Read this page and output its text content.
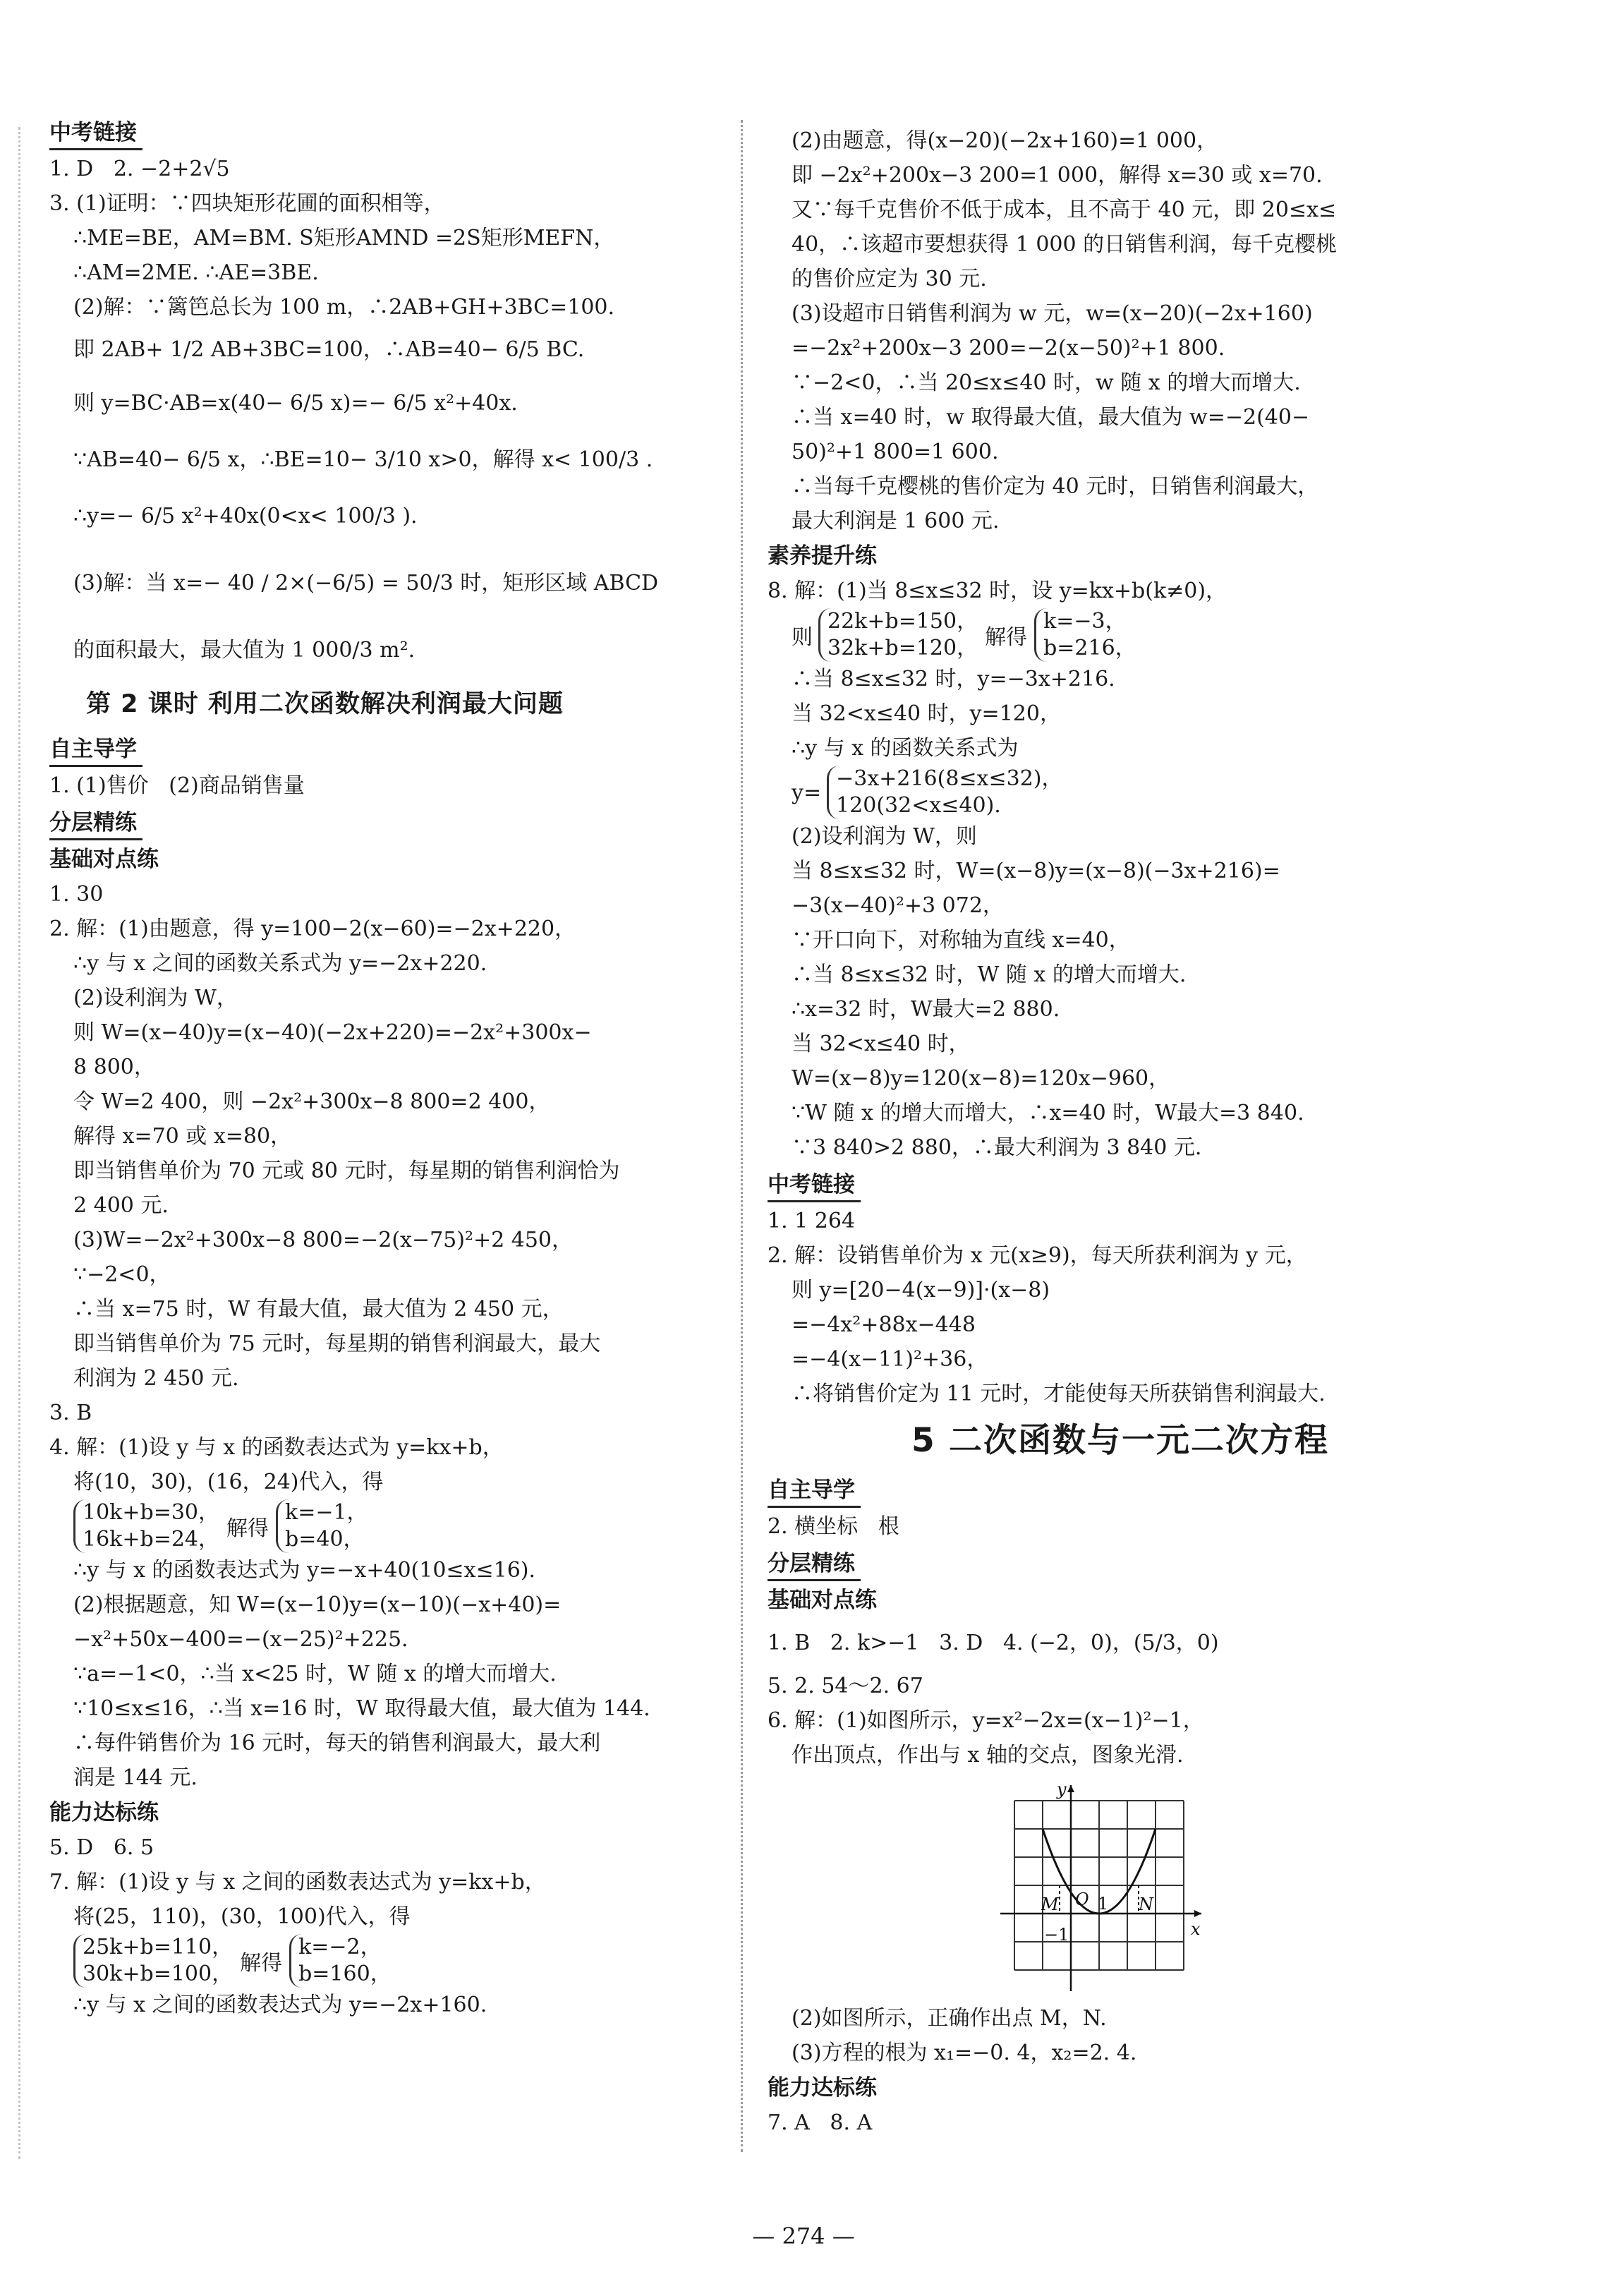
中考链接
1. D   2. −2+2√5
3. (1)证明：∵四块矩形花圃的面积相等，
∴ME=BE，AM=BM. S矩形AMND =2S矩形MEFN，
∴AM=2ME. ∴AE=3BE.
(2)解：∵篱笆总长为 100 m，∴2AB+GH+3BC=100.
即 2AB+ 1/2 AB+3BC=100，∴AB=40− 6/5 BC.
则 y=BC·AB=x(40− 6/5 x)=− 6/5 x²+40x.
∵AB=40− 6/5 x，∴BE=10− 3/10 x>0，解得 x< 100/3 .
∴y=− 6/5 x²+40x(0<x< 100/3 ).
(3)解：当 x=− 40 / 2×(−6/5) = 50/3 时，矩形区域 ABCD
的面积最大，最大值为 1 000/3 m².
第 2 课时 利用二次函数解决利润最大问题
自主导学
1. (1)售价   (2)商品销售量
分层精练
基础对点练
1. 30
2. 解：(1)由题意，得 y=100−2(x−60)=−2x+220，
∴y 与 x 之间的函数关系式为 y=−2x+220.
(2)设利润为 W，
则 W=(x−40)y=(x−40)(−2x+220)=−2x²+300x−
8 800，
令 W=2 400，则 −2x²+300x−8 800=2 400，
解得 x=70 或 x=80，
即当销售单价为 70 元或 80 元时，每星期的销售利润恰为
2 400 元.
(3)W=−2x²+300x−8 800=−2(x−75)²+2 450，
∵−2<0，
∴当 x=75 时，W 有最大值，最大值为 2 450 元，
即当销售单价为 75 元时，每星期的销售利润最大，最大
利润为 2 450 元.
3. B
4. 解：(1)设 y 与 x 的函数表达式为 y=kx+b，
将(10，30)，(16，24)代入，得
10k+b=30，
16k+b=24， 解得
k=−1，
b=40，
∴y 与 x 的函数表达式为 y=−x+40(10≤x≤16).
(2)根据题意，知 W=(x−10)y=(x−10)(−x+40)=
−x²+50x−400=−(x−25)²+225.
∵a=−1<0，∴当 x<25 时，W 随 x 的增大而增大.
∵10≤x≤16，∴当 x=16 时，W 取得最大值，最大值为 144.
∴每件销售价为 16 元时，每天的销售利润最大，最大利
润是 144 元.
能力达标练
5. D   6. 5
7. 解：(1)设 y 与 x 之间的函数表达式为 y=kx+b，
将(25，110)，(30，100)代入，得
25k+b=110，
30k+b=100， 解得
k=−2，
b=160，
∴y 与 x 之间的函数表达式为 y=−2x+160.
(2)由题意，得(x−20)(−2x+160)=1 000，
即 −2x²+200x−3 200=1 000，解得 x=30 或 x=70.
又∵每千克售价不低于成本，且不高于 40 元，即 20≤x≤
40，∴该超市要想获得 1 000 的日销售利润，每千克樱桃
的售价应定为 30 元.
(3)设超市日销售利润为 w 元，w=(x−20)(−2x+160)
=−2x²+200x−3 200=−2(x−50)²+1 800.
∵−2<0，∴当 20≤x≤40 时，w 随 x 的增大而增大.
∴当 x=40 时，w 取得最大值，最大值为 w=−2(40−
50)²+1 800=1 600.
∴当每千克樱桃的售价定为 40 元时，日销售利润最大，
最大利润是 1 600 元.
素养提升练
8. 解：(1)当 8≤x≤32 时，设 y=kx+b(k≠0)，
则
22k+b=150，
32k+b=120， 解得
k=−3，
b=216，
∴当 8≤x≤32 时，y=−3x+216.
当 32<x≤40 时，y=120，
∴y 与 x 的函数关系式为
y=
−3x+216(8≤x≤32)，
120(32<x≤40).
(2)设利润为 W，则
当 8≤x≤32 时，W=(x−8)y=(x−8)(−3x+216)=
−3(x−40)²+3 072，
∵开口向下，对称轴为直线 x=40，
∴当 8≤x≤32 时，W 随 x 的增大而增大.
∴x=32 时，W最大=2 880.
当 32<x≤40 时，
W=(x−8)y=120(x−8)=120x−960，
∵W 随 x 的增大而增大，∴x=40 时，W最大=3 840.
∵3 840>2 880，∴最大利润为 3 840 元.
中考链接
1. 1 264
2. 解：设销售单价为 x 元(x≥9)，每天所获利润为 y 元，
则 y=[20−4(x−9)]·(x−8)
=−4x²+88x−448
=−4(x−11)²+36，
∴将销售价定为 11 元时，才能使每天所获销售利润最大.
5 二次函数与一元二次方程
自主导学
2. 横坐标   根
分层精练
基础对点练
1. B   2. k>−1   3. D   4. (−2，0)，(5/3，0)
5. 2. 54～2. 67
6. 解：(1)如图所示，y=x²−2x=(x−1)²−1，
作出顶点，作出与 x 轴的交点，图象光滑.
y
x
O 1
M	N
−1
(2)如图所示，正确作出点 M，N.
(3)方程的根为 x₁=−0. 4，x₂=2. 4.
能力达标练
7. A   8. A
— 274 —
